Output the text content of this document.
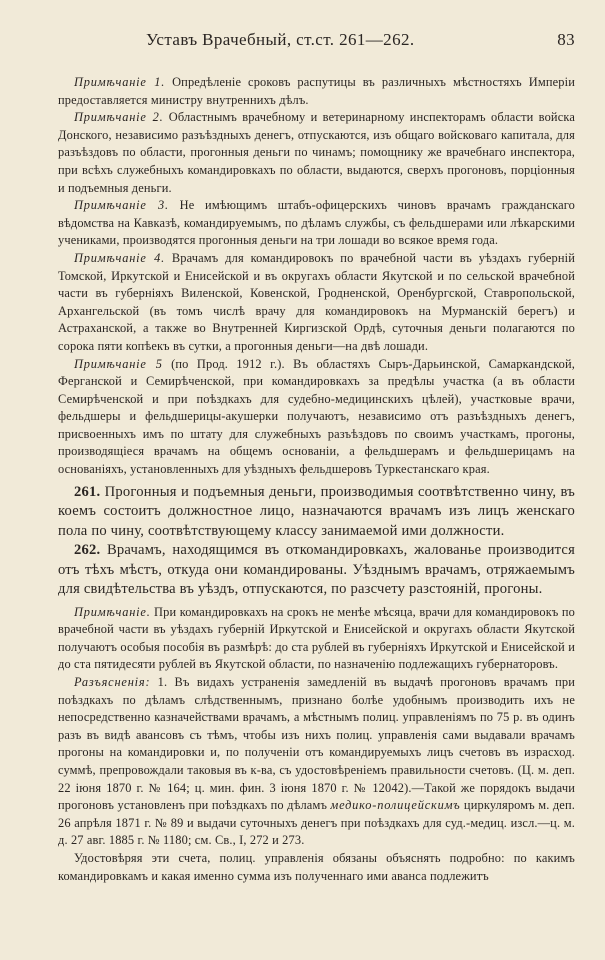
Уставъ Врачебный, ст.ст. 261—262.	83

Примѣчаніе 1. Опредѣленіе сроковъ распутицы въ различныхъ мѣстностяхъ Имперіи предоставляется министру внутреннихъ дѣлъ.

Примѣчаніе 2. Областнымъ врачебному и ветеринарному инспекторамъ области войска Донского, независимо разъѣздныхъ денегъ, отпускаются, изъ общаго войсковаго капитала, для разъѣздовъ по области, прогонныя деньги по чинамъ; помощнику же врачебнаго инспектора, при всѣхъ служебныхъ командировкахъ по области, выдаются, сверхъ прогоновъ, порціонныя и подъемныя деньги.

Примѣчаніе 3. Не имѣющимъ штабъ-офицерскихъ чиновъ врачамъ гражданскаго вѣдомства на Кавказѣ, командируемымъ, по дѣламъ службы, съ фельдшерами или лѣкарскими учениками, производятся прогонныя деньги на три лошади во всякое время года.

Примѣчаніе 4. Врачамъ для командировокъ по врачебной части въ уѣздахъ губерній Томской, Иркутской и Енисейской и въ округахъ области Якутской и по сельской врачебной части въ губерніяхъ Виленской, Ковенской, Гродненской, Оренбургской, Ставропольской, Архангельской (въ томъ числѣ врачу для командировокъ на Мурманскій берегъ) и Астраханской, а также во Внутренней Киргизской Ордѣ, суточныя деньги полагаются по сорока пяти копѣекъ въ сутки, а прогонныя деньги—на двѣ лошади.

Примѣчаніе 5 (по Прод. 1912 г.). Въ областяхъ Сыръ-Дарьинской, Самаркандской, Ферганской и Семирѣченской, при командировкахъ за предѣлы участка (а въ области Семирѣченской и при поѣздкахъ для судебно-медицинскихъ цѣлей), участковые врачи, фельдшеры и фельдшерицы-акушерки получаютъ, независимо отъ разъѣздныхъ денегъ, присвоенныхъ имъ по штату для служебныхъ разъѣздовъ по своимъ участкамъ, прогоны, производящіеся врачамъ на общемъ основаніи, а фельдшерамъ и фельдшерицамъ на основаніяхъ, установленныхъ для уѣздныхъ фельдшеровъ Туркестанскаго края.

261. Прогонныя и подъемныя деньги, производимыя соотвѣтственно чину, въ коемъ состоитъ должностное лицо, назначаются врачамъ изъ лицъ женскаго пола по чину, соотвѣтствующему классу занимаемой ими должности.

262. Врачамъ, находящимся въ откомандировкахъ, жалованье производится отъ тѣхъ мѣстъ, откуда они командированы. Уѣзднымъ врачамъ, отряжаемымъ для свидѣтельства въ уѣздъ, отпускаются, по разсчету разстояній, прогоны.

Примѣчаніе. При командировкахъ на срокъ не менѣе мѣсяца, врачи для командировокъ по врачебной части въ уѣздахъ губерній Иркутской и Енисейской и округахъ области Якутской получаютъ особыя пособія въ размѣрѣ: до ста рублей въ губерніяхъ Иркутской и Енисейской и до ста пятидесяти рублей въ Якутской области, по назначенію подлежащихъ губернаторовъ.

Разъясненія: 1. Въ видахъ устраненія замедленій въ выдачѣ прогоновъ врачамъ при поѣздкахъ по дѣламъ слѣдственнымъ, признано болѣе удобнымъ производить ихъ не непосредственно казначействами врачамъ, а мѣстнымъ полиц. управленіямъ по 75 р. въ одинъ разъ въ видѣ авансовъ съ тѣмъ, чтобы изъ нихъ полиц. управленія сами выдавали врачамъ прогоны на командировки и, по полученіи отъ командируемыхъ лицъ счетовъ въ израсход. суммѣ, препровождали таковыя въ к-ва, съ удостовѣреніемъ правильности счетовъ. (Ц. м. деп. 22 іюня 1870 г. № 164; ц. мин. фин. 3 іюня 1870 г. № 12042).—Такой же порядокъ выдачи прогоновъ установленъ при поѣздкахъ по дѣламъ медико-полицейскимъ циркуляромъ м. деп. 26 апрѣля 1871 г. № 89 и выдачи суточныхъ денегъ при поѣздкахъ для суд.-медиц. изсл.—ц. м. д. 27 авг. 1885 г. № 1180; см. Св., I, 272 и 273.

Удостовѣряя эти счета, полиц. управленія обязаны объяснять подробно: по какимъ командировкамъ и какая именно сумма изъ полученнаго ими аванса подлежитъ
